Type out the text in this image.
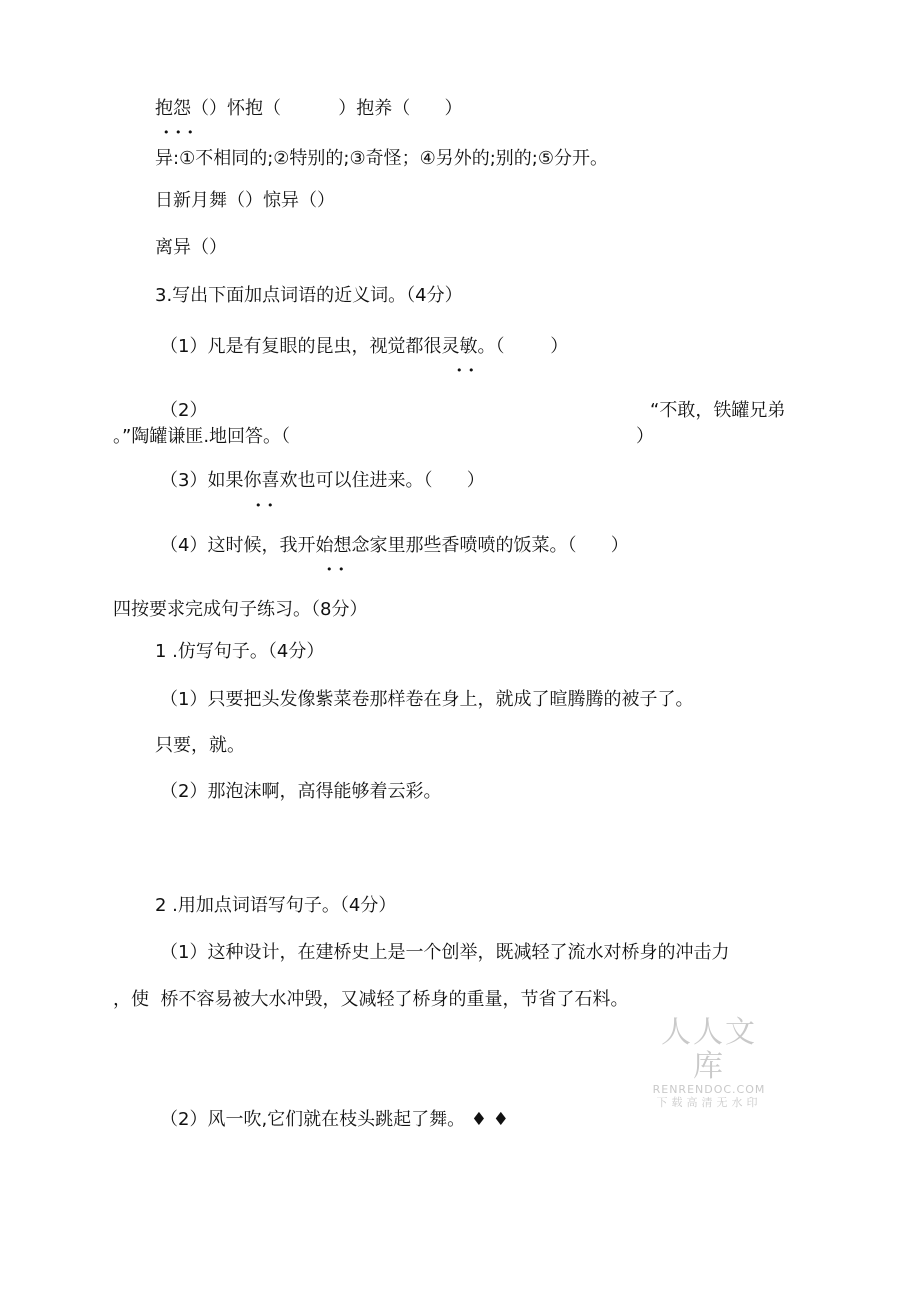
抱怨（）怀抱（          ）抱养（      ）
• • •
异:①不相同的;②特别的;③奇怪；④另外的;别的;⑤分开。
日新月舞（）惊异（）
离异（）
3.写出下面加点词语的近义词。（4分）
（1）凡是有复眼的昆虫，视觉都很灵敏。（        ）
• •
（2）	“不敢，铁罐兄弟
。”陶罐谦匪.地回答。（	）
（3）如果你喜欢也可以住进来。（      ）
• •
（4）这时候，我开始想念家里那些香喷喷的饭菜。（      ）
• •
四按要求完成句子练习。（8分）
1 .仿写句子。（4分）
（1）只要把头发像紫菜卷那样卷在身上，就成了暄腾腾的被子了。
只要，就。
（2）那泡沫啊，高得能够着云彩。
2 .用加点词语写句子。（4分）
（1）这种设计，在建桥史上是一个创举，既减轻了流水对桥身的冲击力
，使  桥不容易被大水冲毁，又减轻了桥身的重量，节省了石料。
人人文库
RENRENDOC.COM
下载高清无水印
（2）风一吹,它们就在枝头跳起了舞。 ♦ ♦
